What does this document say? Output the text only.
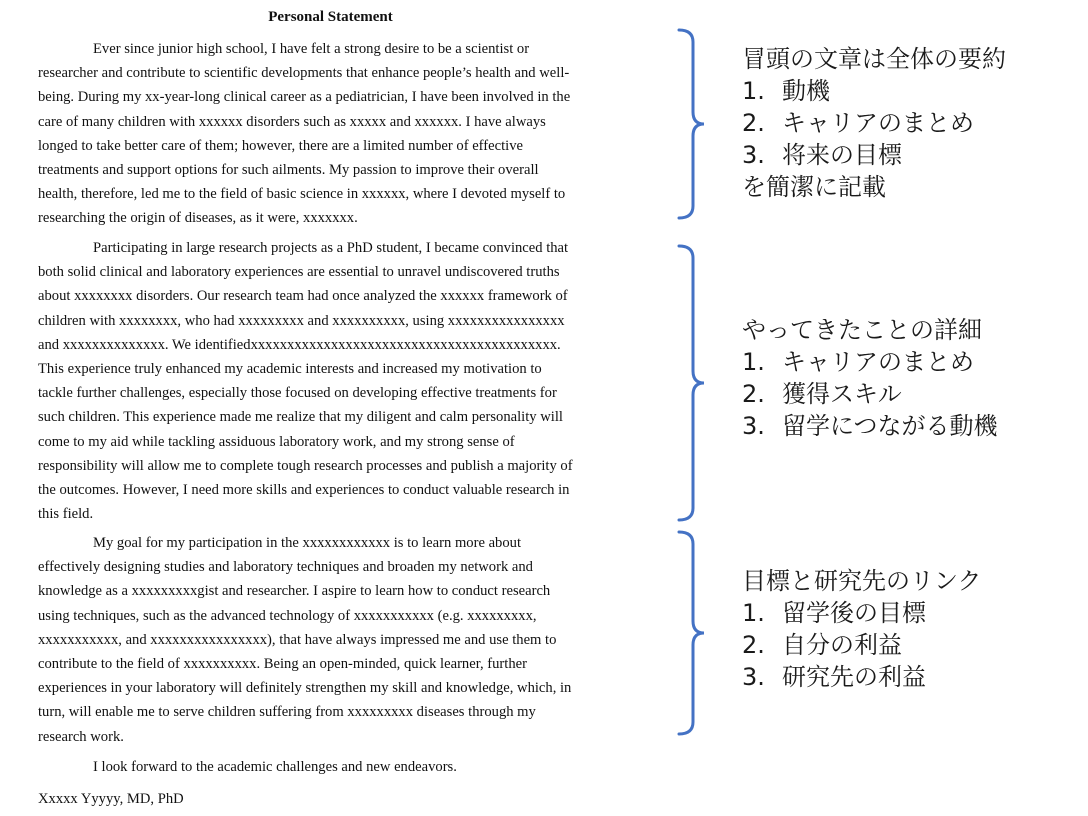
Personal Statement
Ever since junior high school, I have felt a strong desire to be a scientist or
researcher and contribute to scientific developments that enhance people’s health and well-
being. During my xx-year-long clinical career as a pediatrician, I have been involved in the
care of many children with xxxxxx disorders such as xxxxx and xxxxxx. I have always
longed to take better care of them; however, there are a limited number of effective
treatments and support options for such ailments. My passion to improve their overall
health, therefore, led me to the field of basic science in xxxxxx, where I devoted myself to
researching the origin of diseases, as it were, xxxxxxx.
Participating in large research projects as a PhD student, I became convinced that
both solid clinical and laboratory experiences are essential to unravel undiscovered truths
about xxxxxxxx disorders. Our research team had once analyzed the xxxxxx framework of
children with xxxxxxxx, who had xxxxxxxxx and xxxxxxxxxx, using xxxxxxxxxxxxxxxx
and xxxxxxxxxxxxxx. We identifiedxxxxxxxxxxxxxxxxxxxxxxxxxxxxxxxxxxxxxxxxxx.
This experience truly enhanced my academic interests and increased my motivation to
tackle further challenges, especially those focused on developing effective treatments for
such children. This experience made me realize that my diligent and calm personality will
come to my aid while tackling assiduous laboratory work, and my strong sense of
responsibility will allow me to complete tough research processes and publish a majority of
the outcomes. However, I need more skills and experiences to conduct valuable research in
this field.
My goal for my participation in the xxxxxxxxxxxx is to learn more about
effectively designing studies and laboratory techniques and broaden my network and
knowledge as a xxxxxxxxxgist and researcher. I aspire to learn how to conduct research
using techniques, such as the advanced technology of xxxxxxxxxxx (e.g. xxxxxxxxx,
xxxxxxxxxxx, and xxxxxxxxxxxxxxxx), that have always impressed me and use them to
contribute to the field of xxxxxxxxxx. Being an open-minded, quick learner, further
experiences in your laboratory will definitely strengthen my skill and knowledge, which, in
turn, will enable me to serve children suffering from xxxxxxxxx diseases through my
research work.
I look forward to the academic challenges and new endeavors.
Xxxxx Yyyyy, MD, PhD
冒頭の文章は全体の要約
1. 動機
2. キャリアのまとめ
3. 将来の目標
を簡潔に記載
やってきたことの詳細
1. キャリアのまとめ
2. 獲得スキル
3. 留学につながる動機
目標と研究先のリンク
1. 留学後の目標
2. 自分の利益
3. 研究先の利益
